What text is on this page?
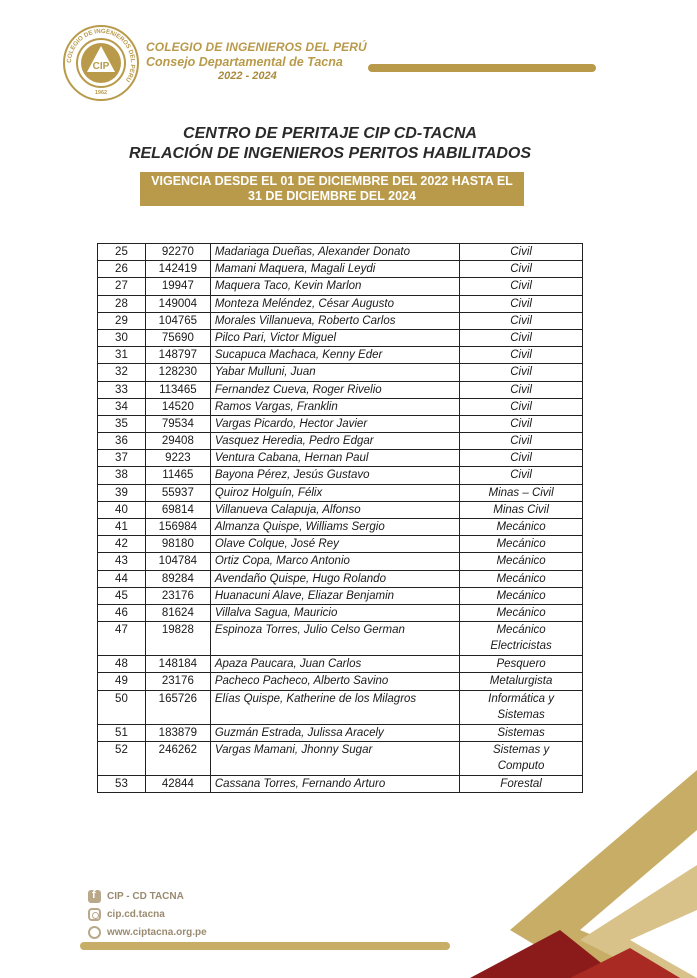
COLEGIO DE INGENIEROS DEL PERU
CIP
1962
COLEGIO DE INGENIEROS DEL PERÚ
Consejo Departamental de Tacna
2022 - 2024
CENTRO DE PERITAJE CIP CD-TACNA
RELACIÓN DE INGENIEROS PERITOS HABILITADOS
VIGENCIA DESDE EL 01 DE DICIEMBRE DEL 2022 HASTA EL
31 DE DICIEMBRE DEL 2024
25	92270	Madariaga Dueñas, Alexander Donato	Civil
26	142419	Mamani Maquera, Magali Leydi	Civil
27	19947	Maquera Taco, Kevin Marlon	Civil
28	149004	Monteza Meléndez, César Augusto	Civil
29	104765	Morales Villanueva, Roberto Carlos	Civil
30	75690	Pilco Pari, Victor Miguel	Civil
31	148797	Sucapuca Machaca, Kenny Eder	Civil
32	128230	Yabar Mulluni, Juan	Civil
33	113465	Fernandez Cueva, Roger Rivelio	Civil
34	14520	Ramos Vargas, Franklin	Civil
35	79534	Vargas Picardo, Hector Javier	Civil
36	29408	Vasquez Heredia, Pedro Edgar	Civil
37	9223	Ventura Cabana, Hernan Paul	Civil
38	11465	Bayona Pérez, Jesús Gustavo	Civil
39	55937	Quiroz Holguín, Félix	Minas – Civil
40	69814	Villanueva Calapuja, Alfonso	Minas Civil
41	156984	Almanza Quispe, Williams Sergio	Mecánico
42	98180	Olave Colque, José Rey	Mecánico
43	104784	Ortiz Copa, Marco Antonio	Mecánico
44	89284	Avendaño Quispe, Hugo Rolando	Mecánico
45	23176	Huanacuni Alave, Eliazar Benjamin	Mecánico
46	81624	Villalva Sagua, Mauricio	Mecánico
47	19828	Espinoza Torres, Julio Celso German	Mecánico
Electricistas

48	148184	Apaza Paucara, Juan Carlos	Pesquero
49	23176	Pacheco Pacheco, Alberto Savino	Metalurgista
50	165726	Elías Quispe, Katherine de los Milagros	Informática y
Sistemas

51	183879	Guzmán Estrada, Julissa Aracely	Sistemas
52	246262	Vargas Mamani, Jhonny Sugar	Sistemas y
Computo

53	42844	Cassana Torres, Fernando Arturo	Forestal
f
CIP - CD TACNA
cip.cd.tacna
www.ciptacna.org.pe
